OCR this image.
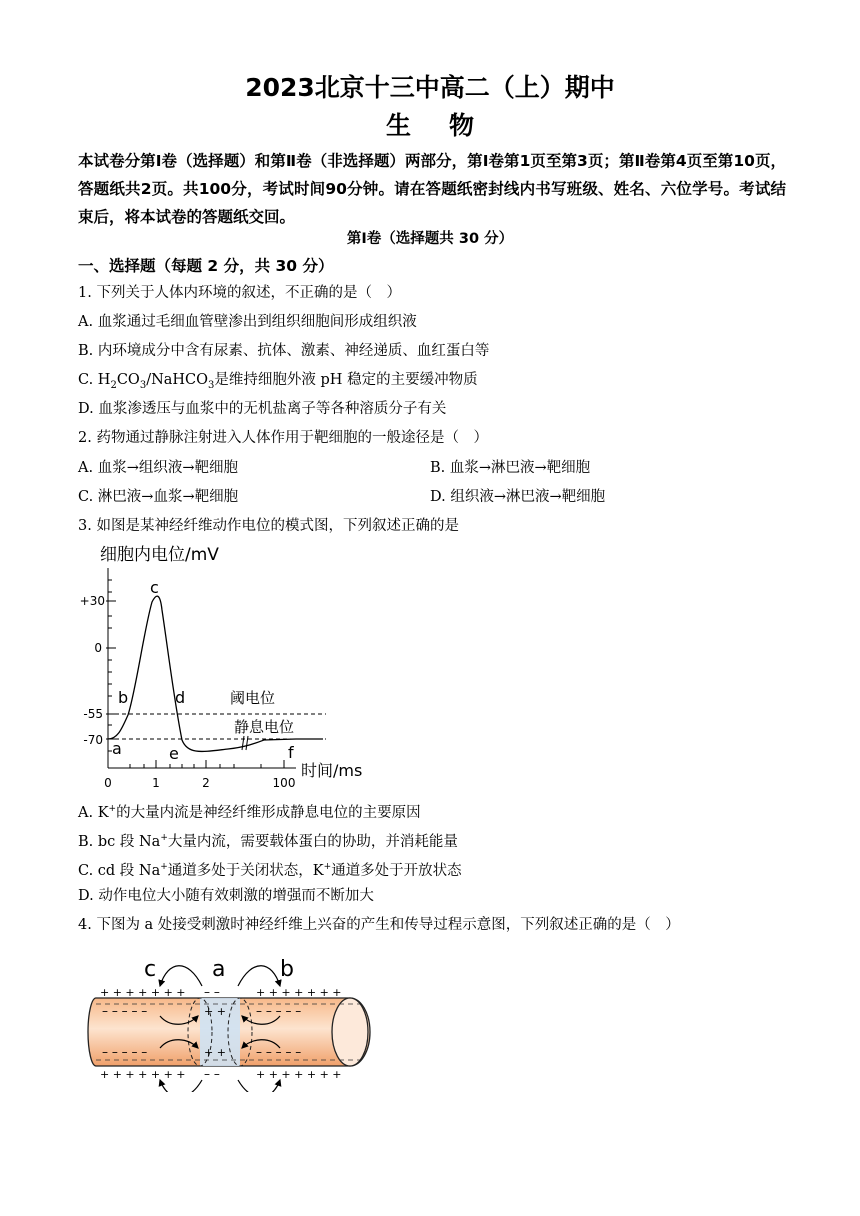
2023北京十三中高二（上）期中
生物
本试卷分第Ⅰ卷（选择题）和第Ⅱ卷（非选择题）两部分，第Ⅰ卷第1页至第3页；第Ⅱ卷第4页至第10页，答题纸共2页。共100分，考试时间90分钟。请在答题纸密封线内书写班级、姓名、六位学号。考试结束后，将本试卷的答题纸交回。
第Ⅰ卷（选择题共 30 分）
一、选择题（每题 2 分，共 30 分）
1. 下列关于人体内环境的叙述，不正确的是（　）
A. 血浆通过毛细血管壁渗出到组织细胞间形成组织液
B. 内环境成分中含有尿素、抗体、激素、神经递质、血红蛋白等
C. $H_2CO_3/NaHCO_3$是维持细胞外液 pH 稳定的主要缓冲物质
D. 血浆渗透压与血浆中的无机盐离子等各种溶质分子有关
2. 药物通过静脉注射进入人体作用于靶细胞的一般途径是（　）
A. 血浆→组织液→靶细胞	B. 血浆→淋巴液→靶细胞
C. 淋巴液→血浆→靶细胞	D. 组织液→淋巴液→靶细胞
3. 如图是某神经纤维动作电位的模式图，下列叙述正确的是
细胞内电位/mV
+30
0
-55
-70
0	1	2	100
时间/ms
阈电位
静息电位
a
b
c
d
e	f
A. K+的大量内流是神经纤维形成静息电位的主要原因
B. bc 段 Na+大量内流，需要载体蛋白的协助，并消耗能量
C. cd 段 Na+通道多处于关闭状态，K+通道多处于开放状态
D. 动作电位大小随有效刺激的增强而不断加大
4. 下图为 a 处接受刺激时神经纤维上兴奋的产生和传导过程示意图，下列叙述正确的是（　）
c	a b
+ + + + + + + – –	+ + + + + + +
+ + + + + + + – –	+ + + + + + +
– – – – –	+ +	– – – – –
– – – – –	+ +	– – – – –
